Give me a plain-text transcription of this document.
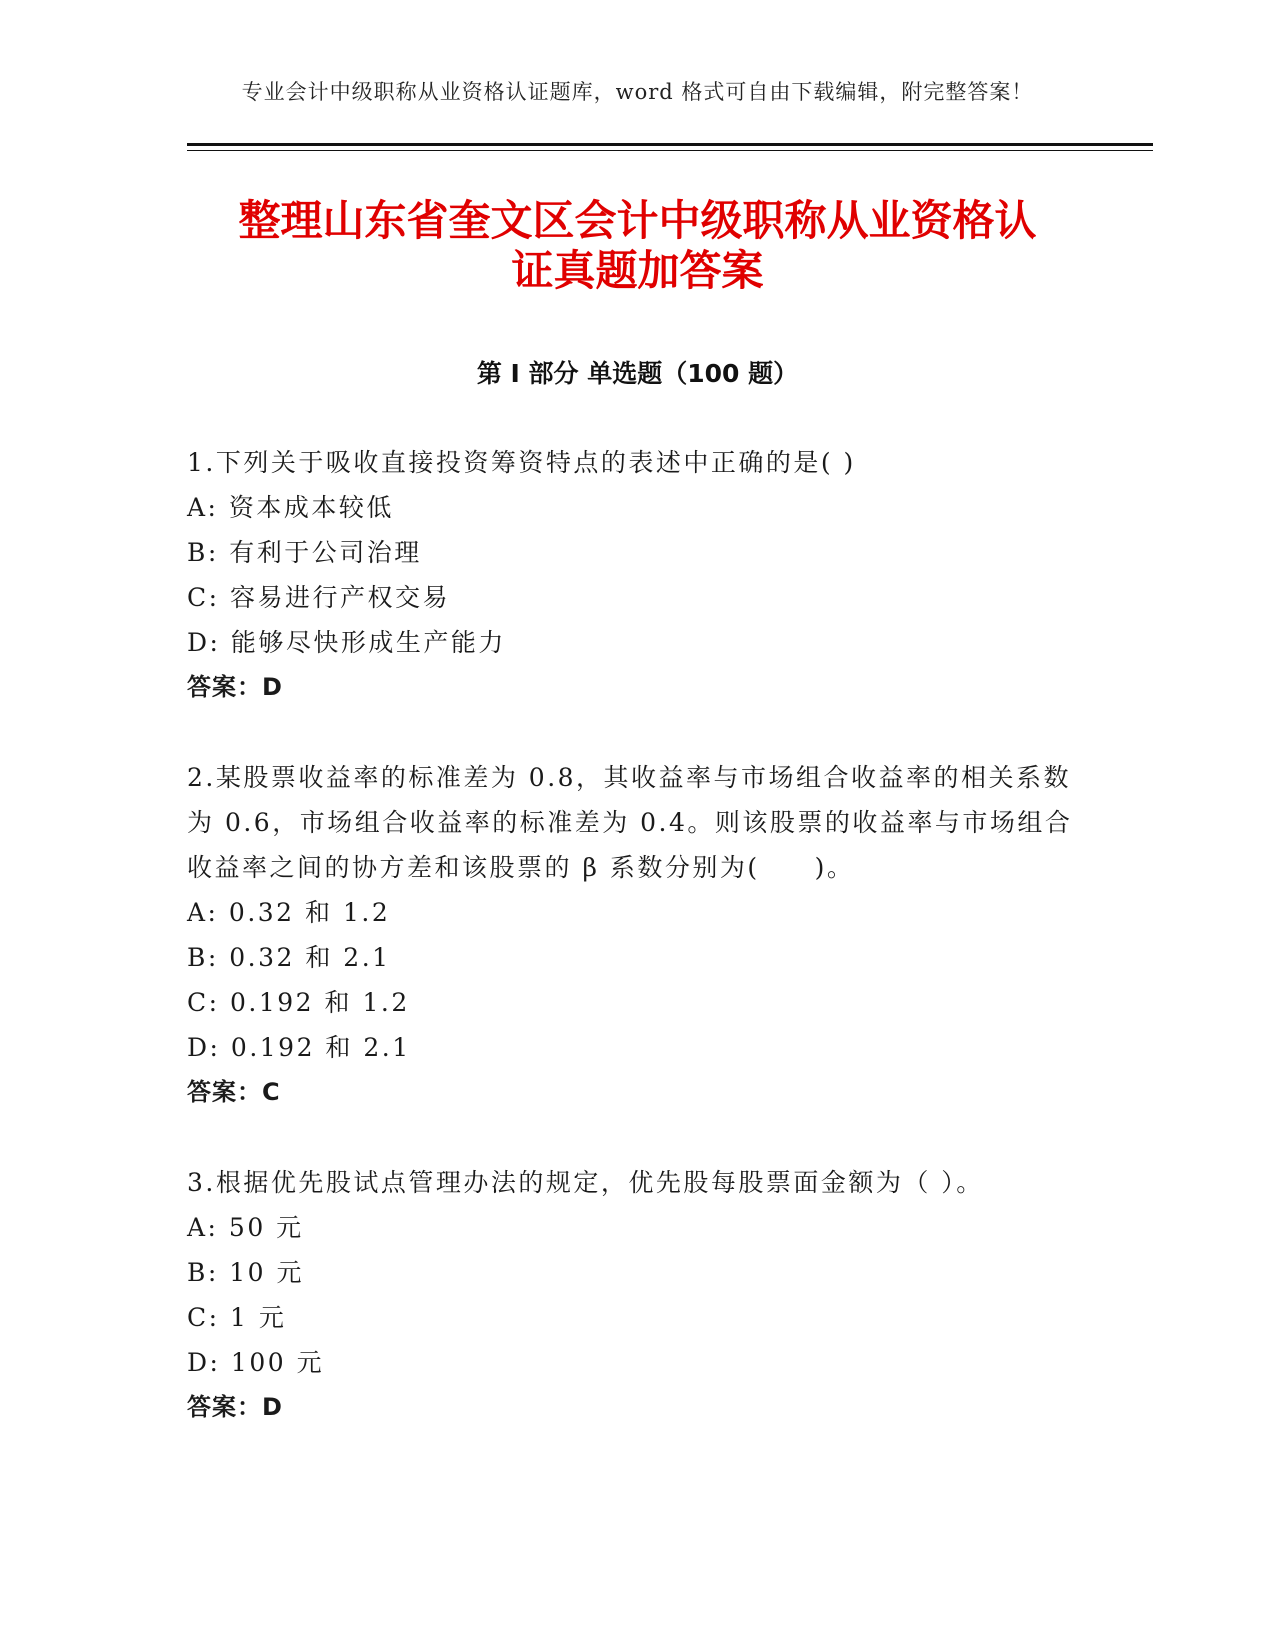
专业会计中级职称从业资格认证题库，word 格式可自由下载编辑，附完整答案！
整理山东省奎文区会计中级职称从业资格认
证真题加答案
第 I 部分 单选题（100 题）

1.下列关于吸收直接投资筹资特点的表述中正确的是( )

A: 资本成本较低

B: 有利于公司治理

C: 容易进行产权交易

D: 能够尽快形成生产能力

答案：D

2.某股票收益率的标准差为 0.8，其收益率与市场组合收益率的相关系数为 0.6，市场组合收益率的标准差为 0.4。则该股票的收益率与市场组合收益率之间的协方差和该股票的 β 系数分别为(　　)。

A: 0.32 和 1.2

B: 0.32 和 2.1

C: 0.192 和 1.2

D: 0.192 和 2.1

答案：C

3.根据优先股试点管理办法的规定，优先股每股票面金额为（ ）。

A: 50 元

B: 10 元

C: 1 元

D: 100 元

答案：D
